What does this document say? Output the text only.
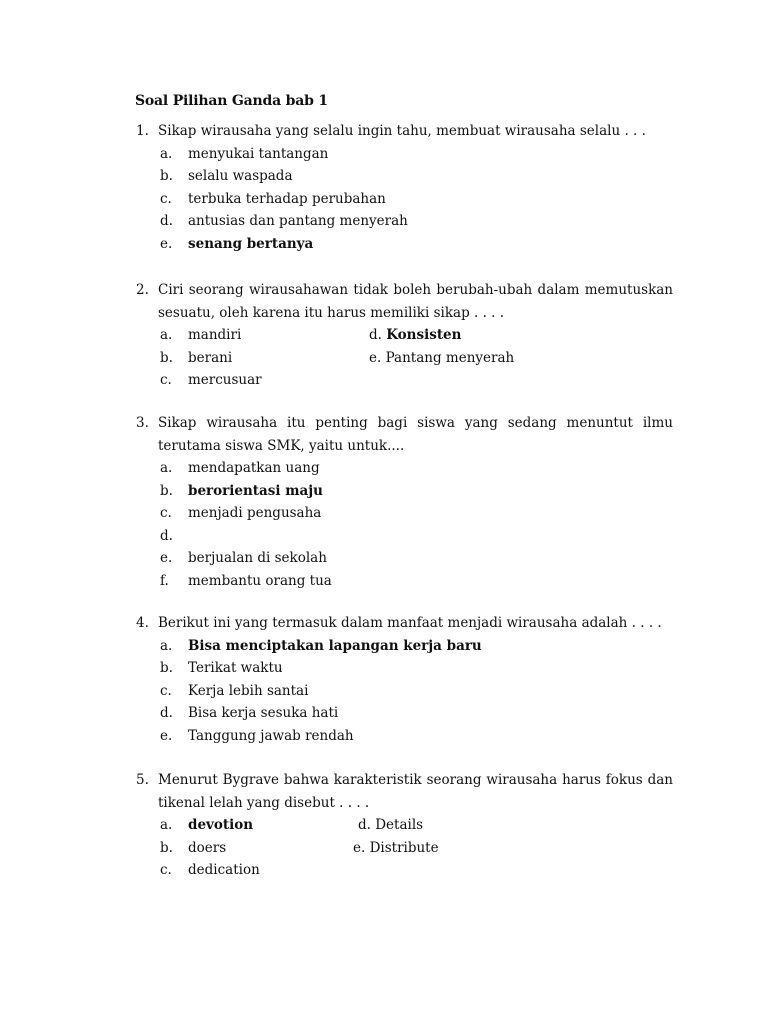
Soal Pilihan Ganda bab 1
1. Sikap wirausaha yang selalu ingin tahu, membuat wirausaha selalu . . .
a.	menyukai tantangan
b.	selalu waspada
c.	terbuka terhadap perubahan
d.	antusias dan pantang menyerah
e.	senang bertanya
2. Ciri seorang wirausahawan tidak boleh berubah-ubah dalam memutuskan sesuatu, oleh karena itu harus memiliki sikap . . . .
a.	mandiri	d. Konsisten
b.	berani	e. Pantang menyerah
c.	mercusuar
3. Sikap wirausaha itu penting bagi siswa yang sedang menuntut ilmu terutama siswa SMK, yaitu untuk....
a.	mendapatkan uang
b.	berorientasi maju
c.	menjadi pengusaha
d.
e.	berjualan di sekolah
f.	membantu orang tua
4. Berikut ini yang termasuk dalam manfaat menjadi wirausaha adalah . . . .
a.	Bisa menciptakan lapangan kerja baru
b.	Terikat waktu
c.	Kerja lebih santai
d.	Bisa kerja sesuka hati
e.	Tanggung jawab rendah
5. Menurut Bygrave bahwa karakteristik seorang wirausaha harus fokus dan tikenal lelah yang disebut . . . .
a.	devotion	d. Details
b.	doers	e. Distribute
c.	dedication
